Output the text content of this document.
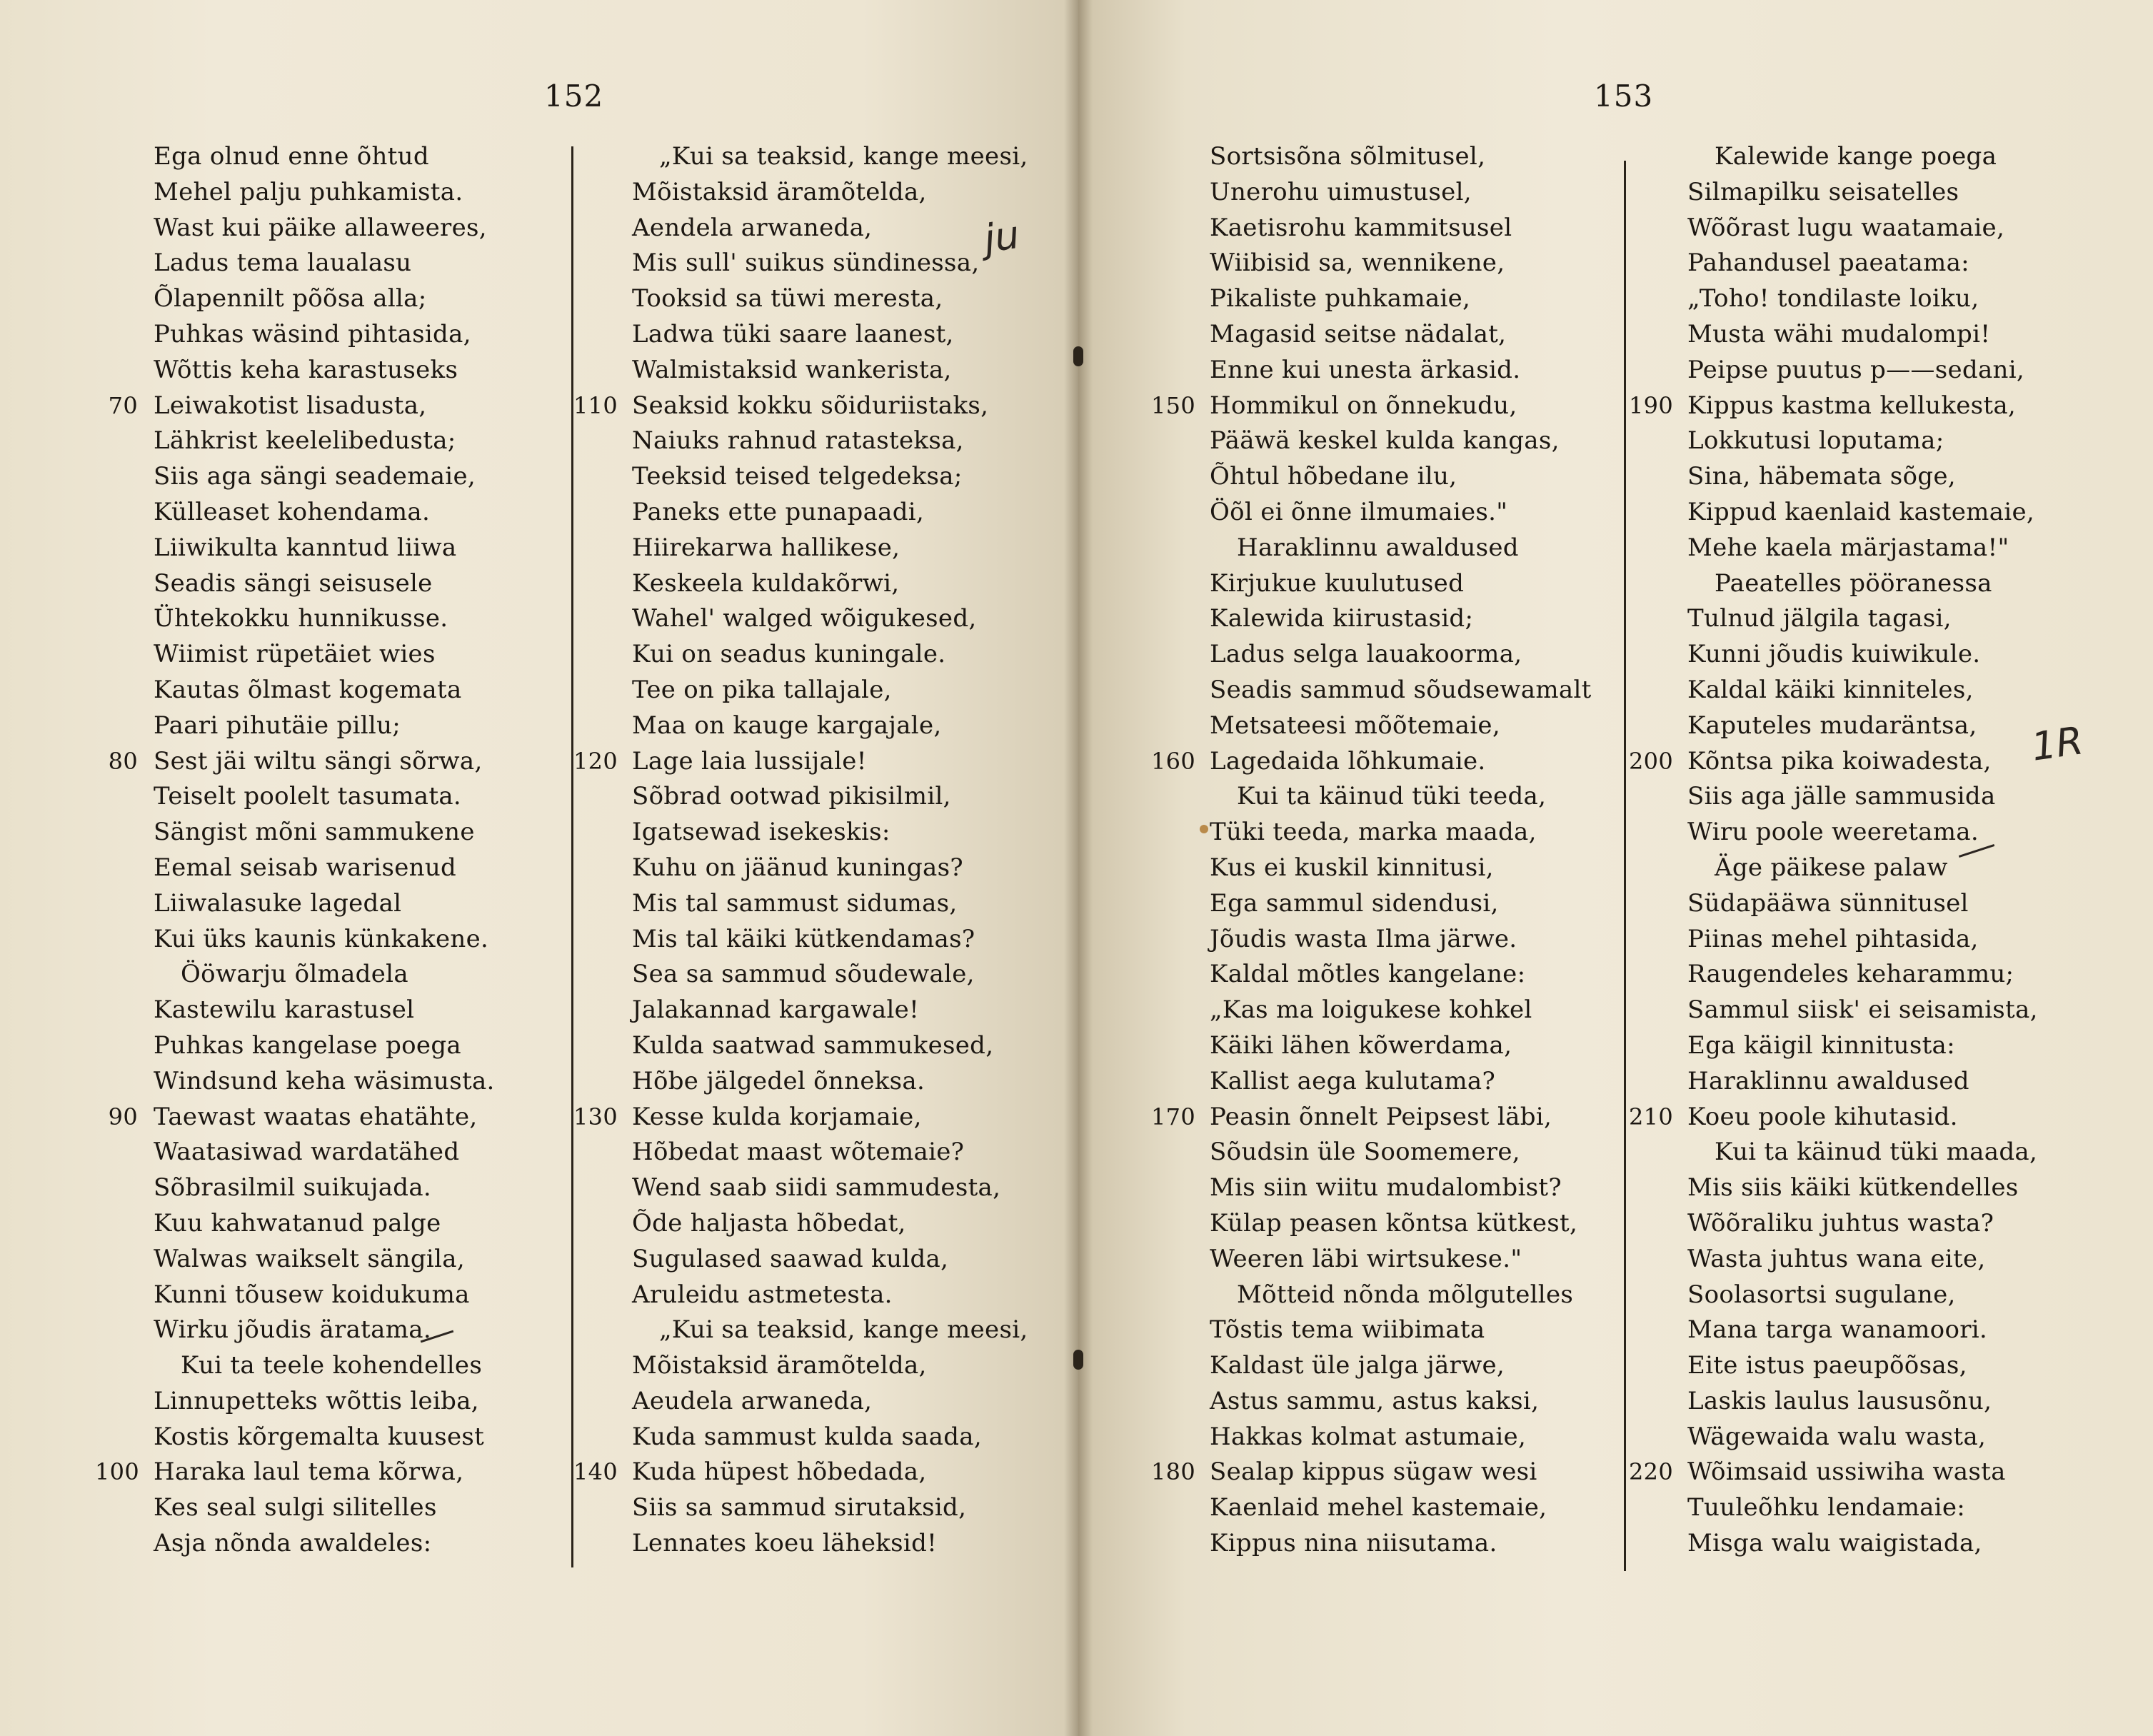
152
Ega olnud enne õhtud
Mehel palju puhkamista.
Wast kui päike allaweeres,
Ladus tema laualasu
Õlapennilt põõsa alla;
Puhkas wäsind pihtasida,
Wõttis keha karastuseks
70 Leiwakotist lisadusta,
Lähkrist keelelibedusta;
Siis aga sängi seademaie,
Külleaset kohendama.
Liiwikulta kanntud liiwa
Seadis sängi seisusele
Ühtekokku hunnikusse.
Wiimist rüpetäiet wies
Kautas õlmast kogemata
Paari pihutäie pillu;
80 Sest jäi wiltu sängi sõrwa,
Teiselt poolelt tasumata.
Sängist mõni sammukene
Eemal seisab warisenud
Liiwalasuke lagedal
Kui üks kaunis künkakene.
Ööwarju õlmadela
Kastewilu karastusel
Puhkas kangelase poega
Windsund keha wäsimusta.
90 Taewast waatas ehatähte,
Waatasiwad wardatähed
Sõbrasilmil suikujada.
Kuu kahwatanud palge
Walwas waikselt sängila,
Kunni tõusew koidukuma
Wirku jõudis äratama.
Kui ta teele kohendelles
Linnupetteks wõttis leiba,
Kostis kõrgemalta kuusest
100 Haraka laul tema kõrwa,
Kes seal sulgi silitelles
Asja nõnda awaldeles:
„Kui sa teaksid, kange meesi,
Mõistaksid äramõtelda,
Aendela arwaneda,
Mis sull' suikus sündinessa,
Tooksid sa tüwi meresta,
Ladwa tüki saare laanest,
Walmistaksid wankerista,
110 Seaksid kokku sõiduriistaks,
Naiuks rahnud ratasteksa,
Teeksid teised telgedeksa;
Paneks ette punapaadi,
Hiirekarwa hallikese,
Keskeela kuldakõrwi,
Wahel' walged wõigukesed,
Kui on seadus kuningale.
Tee on pika tallajale,
Maa on kauge kargajale,
120 Lage laia lussijale!
Sõbrad ootwad pikisilmil,
Igatsewad isekeskis:
Kuhu on jäänud kuningas?
Mis tal sammust sidumas,
Mis tal käiki kütkendamas?
Sea sa sammud sõudewale,
Jalakannad kargawale!
Kulda saatwad sammukesed,
Hõbe jälgedel õnneksa.
130 Kesse kulda korjamaie,
Hõbedat maast wõtemaie?
Wend saab siidi sammudesta,
Õde haljasta hõbedat,
Sugulased saawad kulda,
Aruleidu astmetesta.
„Kui sa teaksid, kange meesi,
Mõistaksid äramõtelda,
Aeudela arwaneda,
Kuda sammust kulda saada,
140 Kuda hüpest hõbedada,
Siis sa sammud sirutaksid,
Lennates koeu läheksid!
ju
153
Sortsisõna sõlmitusel,
Unerohu uimustusel,
Kaetisrohu kammitsusel
Wiibisid sa, wennikene,
Pikaliste puhkamaie,
Magasid seitse nädalat,
Enne kui unesta ärkasid.
150 Hommikul on õnnekudu,
Pääwä keskel kulda kangas,
Õhtul hõbedane ilu,
Öõl ei õnne ilmumaies."
Haraklinnu awaldused
Kirjukue kuulutused
Kalewida kiirustasid;
Ladus selga lauakoorma,
Seadis sammud sõudsewamalt
Metsateesi mõõtemaie,
160 Lagedaida lõhkumaie.
Kui ta käinud tüki teeda,
Tüki teeda, marka maada,
Kus ei kuskil kinnitusi,
Ega sammul sidendusi,
Jõudis wasta Ilma järwe.
Kaldal mõtles kangelane:
„Kas ma loigukese kohkel
Käiki lähen kõwerdama,
Kallist aega kulutama?
170 Peasin õnnelt Peipsest läbi,
Sõudsin üle Soomemere,
Mis siin wiitu mudalombist?
Külap peasen kõntsa kütkest,
Weeren läbi wirtsukese."
Mõtteid nõnda mõlgutelles
Tõstis tema wiibimata
Kaldast üle jalga järwe,
Astus sammu, astus kaksi,
Hakkas kolmat astumaie,
180 Sealap kippus sügaw wesi
Kaenlaid mehel kastemaie,
Kippus nina niisutama.
Kalewide kange poega
Silmapilku seisatelles
Wõõrast lugu waatamaie,
Pahandusel paeatama:
„Toho! tondilaste loiku,
Musta wähi mudalompi!
Peipse puutus p——sedani,
190 Kippus kastma kellukesta,
Lokkutusi loputama;
Sina, häbemata sõge,
Kippud kaenlaid kastemaie,
Mehe kaela märjastama!"
Paeatelles pööranessa
Tulnud jälgila tagasi,
Kunni jõudis kuiwikule.
Kaldal käiki kinniteles,
Kaputeles mudaräntsa,
200 Kõntsa pika koiwadesta,
Siis aga jälle sammusida
Wiru poole weeretama.
Äge päikese palaw
Südapääwa sünnitusel
Piinas mehel pihtasida,
Raugendeles keharammu;
Sammul siisk' ei seisamista,
Ega käigil kinnitusta:
Haraklinnu awaldused
210 Koeu poole kihutasid.
Kui ta käinud tüki maada,
Mis siis käiki kütkendelles
Wõõraliku juhtus wasta?
Wasta juhtus wana eite,
Soolasortsi sugulane,
Mana targa wanamoori.
Eite istus paeupõõsas,
Laskis laulus laususõnu,
Wägewaida walu wasta,
220 Wõimsaid ussiwiha wasta
Tuuleõhku lendamaie:
Misga walu waigistada,
1R
